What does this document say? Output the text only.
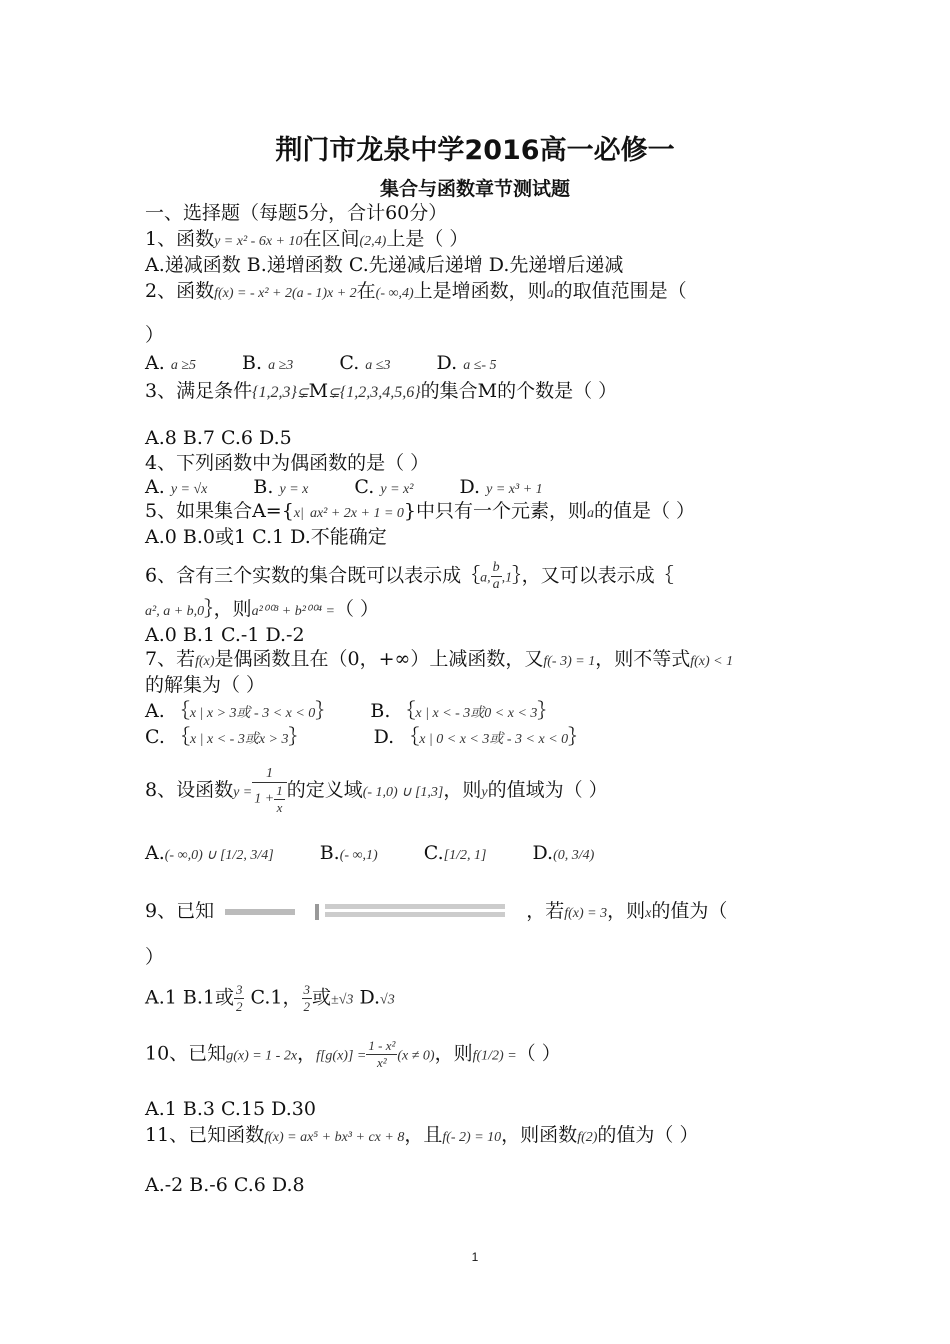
荆门市龙泉中学2016高一必修一
集合与函数章节测试题
一、选择题（每题5分，合计60分）
1、函数y = x² - 6x + 10在区间(2,4)上是（ ）
A.递减函数 B.递增函数 C.先递减后递增 D.先递增后递减
2、函数f(x) = - x² + 2(a - 1)x + 2在(- ∞,4)上是增函数，则a的取值范围是（
）
A. a ≥5 B. a ≥3 C. a ≤3 D. a ≤- 5
3、满足条件{1,2,3}⊊M⊊{1,2,3,4,5,6}的集合M的个数是（ ）
A.8 B.7 C.6 D.5
4、下列函数中为偶函数的是（ ）
A. y = √x B. y = x C. y = x² D. y = x³ + 1
5、如果集合A={x| ax² + 2x + 1 = 0}中只有一个元素，则a的值是（ ）
A.0 B.0或1 C.1 D.不能确定
6、含有三个实数的集合既可以表示成｛a, $\frac{b}{a}$ ,1｝，又可以表示成｛
a², a + b,0｝，则a²⁰⁰³ + b²⁰⁰⁴ =（ ）
A.0 B.1 C.-1 D.-2
7、若f(x)是偶函数且在（0，+∞）上减函数，又f(- 3) = 1，则不等式f(x) < 1
的解集为（ ）
A. ｛x | x > 3或 - 3 < x < 0｝ B. ｛x | x < - 3或0 < x < 3｝
C. ｛x | x < - 3或x > 3｝	D. ｛x | 0 < x < 3或 - 3 < x < 0｝
8、设函数$y = \frac{1}{1 + \frac{1}{x}}$ 的定义域(- 1,0) ∪ [1,3]，则y的值域为（ ）
A.(- ∞,0) ∪ [1/2, 3/4] B.(- ∞,1) C.[1/2, 1] D.(0, 3/4)
9、已知	，若f(x) = 3，则x的值为（
）
A.1 B.1或 $\frac{3}{2} C.1$， $\frac{3}{2}$ 或±√3 D.√3
10、已知g(x) = 1 - 2x，$f[g(x)] = \frac{\text{1 - x²}}{\text{x²}} (x \ne 0)$，则f(1/2) =（ ）
A.1 B.3 C.15 D.30
11、已知函数f(x) = ax⁵ + bx³ + cx + 8，且f(- 2) = 10，则函数f(2)的值为（ ）
A.-2 B.-6 C.6 D.8
1
